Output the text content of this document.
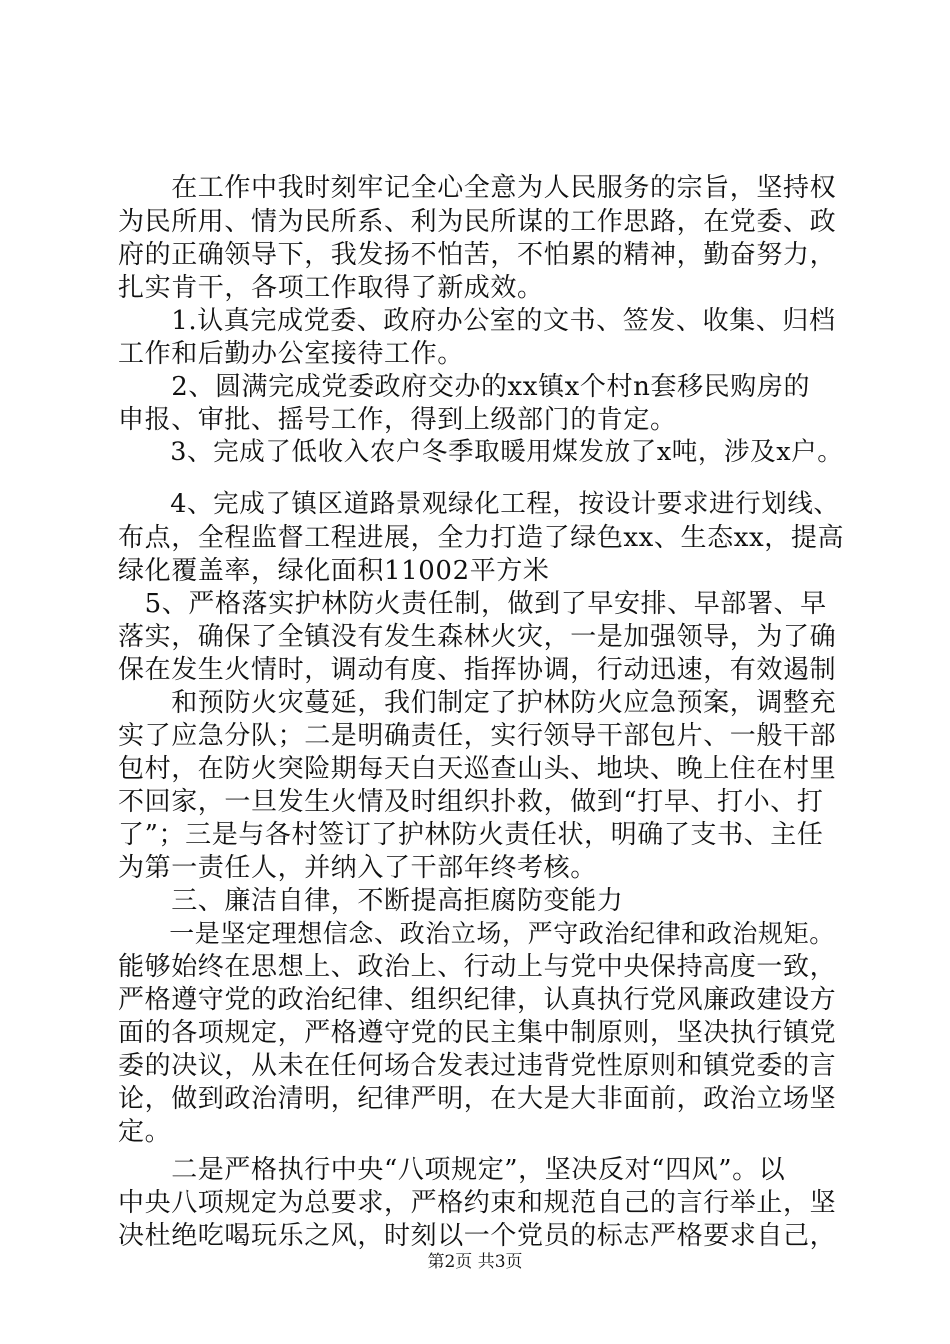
　　在工作中我时刻牢记全心全意为人民服务的宗旨，坚持权
为民所用、情为民所系、利为民所谋的工作思路，在党委、政
府的正确领导下，我发扬不怕苦，不怕累的精神，勤奋努力，
扎实肯干，各项工作取得了新成效。
　　1.认真完成党委、政府办公室的文书、签发、收集、归档
工作和后勤办公室接待工作。
　　2、圆满完成党委政府交办的xx镇x个村n套移民购房的
申报、审批、摇号工作，得到上级部门的肯定。
　　3、完成了低收入农户冬季取暖用煤发放了x吨，涉及x户。
　　4、完成了镇区道路景观绿化工程，按设计要求进行划线、
布点，全程监督工程进展，全力打造了绿色xx、生态xx，提高
绿化覆盖率，绿化面积11002平方米
　5、严格落实护林防火责任制，做到了早安排、早部署、早
落实，确保了全镇没有发生森林火灾，一是加强领导，为了确
保在发生火情时，调动有度、指挥协调，行动迅速，有效遏制
　　和预防火灾蔓延，我们制定了护林防火应急预案，调整充
实了应急分队；二是明确责任，实行领导干部包片、一般干部
包村，在防火突险期每天白天巡查山头、地块、晚上住在村里
不回家，一旦发生火情及时组织扑救，做到“打早、打小、打
了”；三是与各村签订了护林防火责任状，明确了支书、主任
为第一责任人，并纳入了干部年终考核。
　　三、廉洁自律，不断提高拒腐防变能力
　　一是坚定理想信念、政治立场，严守政治纪律和政治规矩。
能够始终在思想上、政治上、行动上与党中央保持高度一致，
严格遵守党的政治纪律、组织纪律，认真执行党风廉政建设方
面的各项规定，严格遵守党的民主集中制原则，坚决执行镇党
委的决议，从未在任何场合发表过违背党性原则和镇党委的言
论，做到政治清明，纪律严明，在大是大非面前，政治立场坚
定。
　　二是严格执行中央“八项规定”，坚决反对“四风”。以
中央八项规定为总要求，严格约束和规范自己的言行举止，坚
决杜绝吃喝玩乐之风，时刻以一个党员的标志严格要求自己，
第2页 共3页
